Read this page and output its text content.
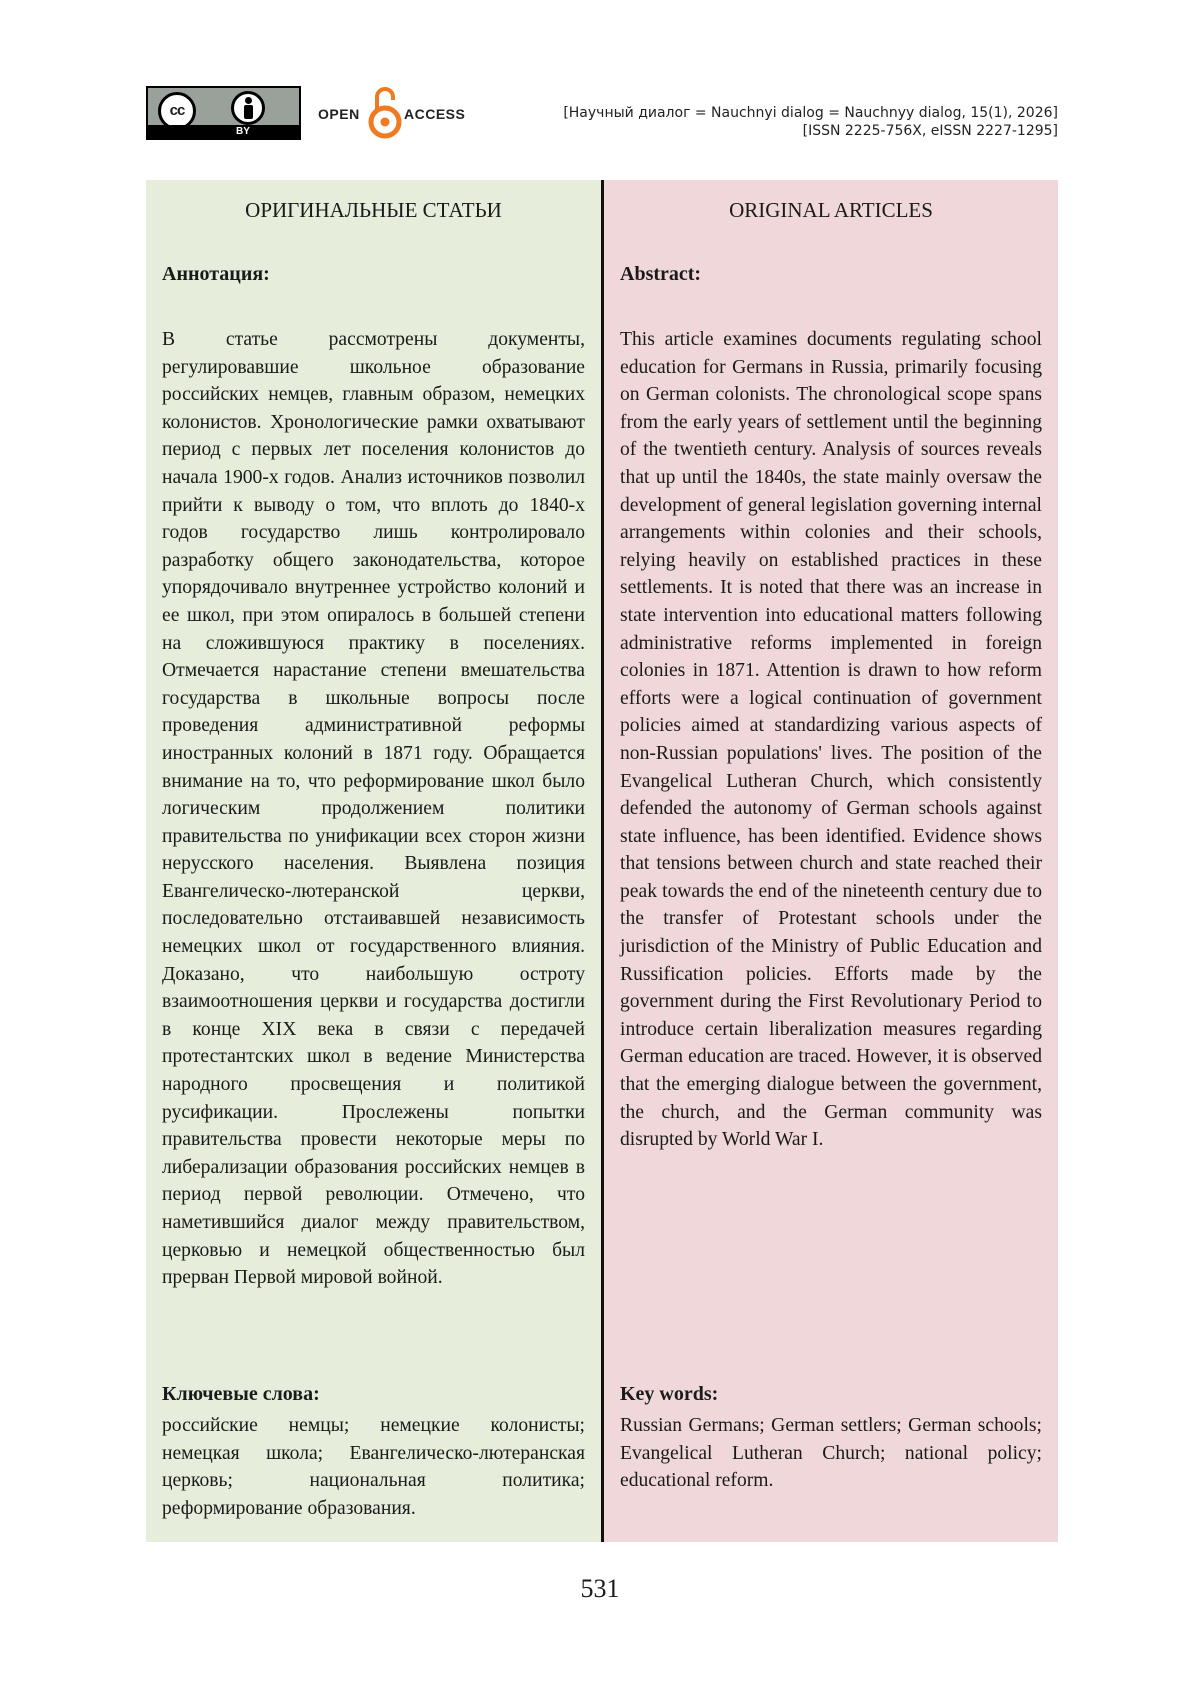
cc
BY
OPEN	ACCESS	[Научный диалог = Nauchnyi dialog = Nauchnyy dialog, 15(1), 2026]
[ISSN 2225-756X, eISSN 2227-1295]
ОРИГИНАЛЬНЫЕ СТАТЬИ
Аннотация:
В статье рассмотрены документы, регулировавшие школьное образование российских немцев, главным образом, немецких колонистов. Хронологические рамки охватывают период с первых лет поселения колонистов до начала 1900-х годов. Анализ источников позволил прийти к выводу о том, что вплоть до 1840-х годов государство лишь контролировало разработку общего законодательства, которое упорядочивало внутреннее устройство колоний и ее школ, при этом опиралось в большей степени на сложившуюся практику в поселениях. Отмечается нарастание степени вмешательства государства в школьные вопросы после проведения административной реформы иностранных колоний в 1871 году. Обращается внимание на то, что реформирование школ было логическим продолжением политики правительства по унификации всех сторон жизни нерусского населения. Выявлена позиция Евангелическо-лютеранской церкви, последовательно отстаивавшей независимость немецких школ от государственного влияния. Доказано, что наибольшую остроту взаимоотношения церкви и государства достигли в конце XIX века в связи с передачей протестантских школ в ведение Министерства народного просвещения и политикой русификации. Прослежены попытки правительства провести некоторые меры по либерализации образования российских немцев в период первой революции. Отмечено, что наметившийся диалог между правительством, церковью и немецкой общественностью был прерван Первой мировой войной.
Ключевые слова:
российские немцы; немецкие колонисты; немецкая школа; Евангелическо-лютеранская церковь; национальная политика; реформирование образования.
ORIGINAL ARTICLES
Abstract:
This article examines documents regulating school education for Germans in Russia, primarily focusing on German colonists. The chronological scope spans from the early years of settlement until the beginning of the twentieth century. Analysis of sources reveals that up until the 1840s, the state mainly oversaw the development of general legislation governing internal arrangements within colonies and their schools, relying heavily on established practices in these settlements. It is noted that there was an increase in state intervention into educational matters following administrative reforms implemented in foreign colonies in 1871. Attention is drawn to how reform efforts were a logical continuation of government policies aimed at standardizing various aspects of non-Russian populations' lives. The position of the Evangelical Lutheran Church, which consistently defended the autonomy of German schools against state influence, has been identified. Evidence shows that tensions between church and state reached their peak towards the end of the nineteenth century due to the transfer of Protestant schools under the jurisdiction of the Ministry of Public Education and Russification policies. Efforts made by the government during the First Revolutionary Period to introduce certain liberalization measures regarding German education are traced. However, it is observed that the emerging dialogue between the government, the church, and the German community was disrupted by World War I.
Key words:
Russian Germans; German settlers; German schools; Evangelical Lutheran Church; national policy; educational reform.
531
